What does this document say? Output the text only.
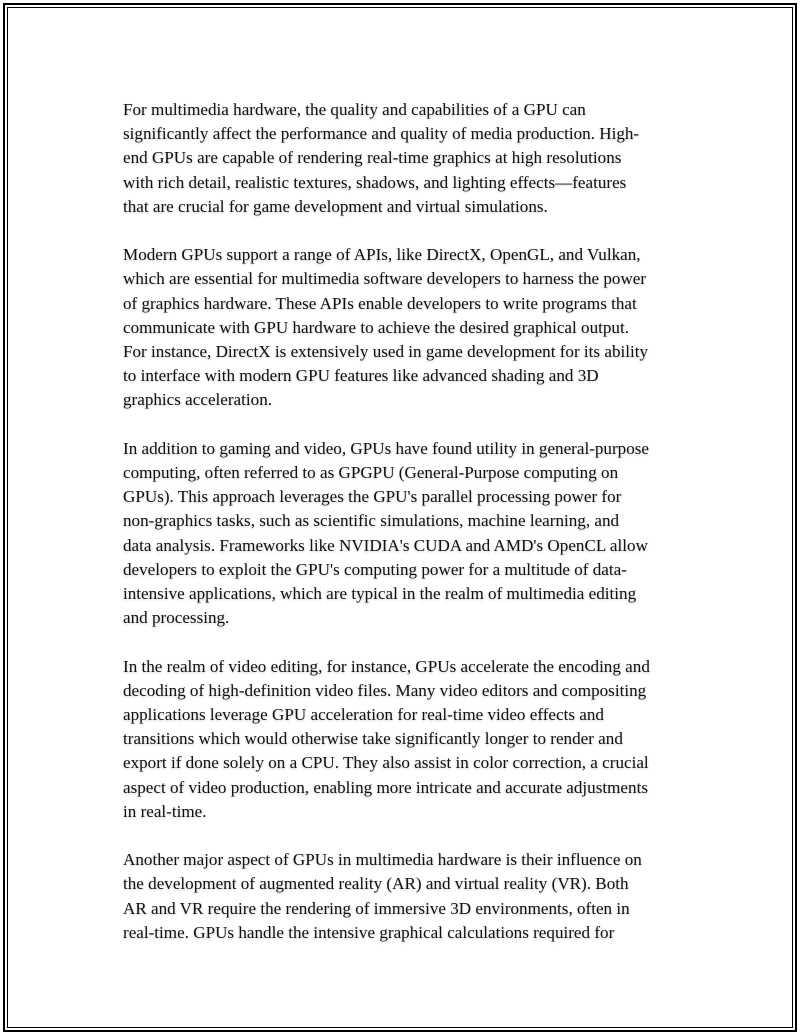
For multimedia hardware, the quality and capabilities of a GPU can
significantly affect the performance and quality of media production. High-
end GPUs are capable of rendering real-time graphics at high resolutions
with rich detail, realistic textures, shadows, and lighting effects—features
that are crucial for game development and virtual simulations.

Modern GPUs support a range of APIs, like DirectX, OpenGL, and Vulkan,
which are essential for multimedia software developers to harness the power
of graphics hardware. These APIs enable developers to write programs that
communicate with GPU hardware to achieve the desired graphical output.
For instance, DirectX is extensively used in game development for its ability
to interface with modern GPU features like advanced shading and 3D
graphics acceleration.

In addition to gaming and video, GPUs have found utility in general-purpose
computing, often referred to as GPGPU (General-Purpose computing on
GPUs). This approach leverages the GPU's parallel processing power for
non-graphics tasks, such as scientific simulations, machine learning, and
data analysis. Frameworks like NVIDIA's CUDA and AMD's OpenCL allow
developers to exploit the GPU's computing power for a multitude of data-
intensive applications, which are typical in the realm of multimedia editing
and processing.

In the realm of video editing, for instance, GPUs accelerate the encoding and
decoding of high-definition video files. Many video editors and compositing
applications leverage GPU acceleration for real-time video effects and
transitions which would otherwise take significantly longer to render and
export if done solely on a CPU. They also assist in color correction, a crucial
aspect of video production, enabling more intricate and accurate adjustments
in real-time.

Another major aspect of GPUs in multimedia hardware is their influence on
the development of augmented reality (AR) and virtual reality (VR). Both
AR and VR require the rendering of immersive 3D environments, often in
real-time. GPUs handle the intensive graphical calculations required for
